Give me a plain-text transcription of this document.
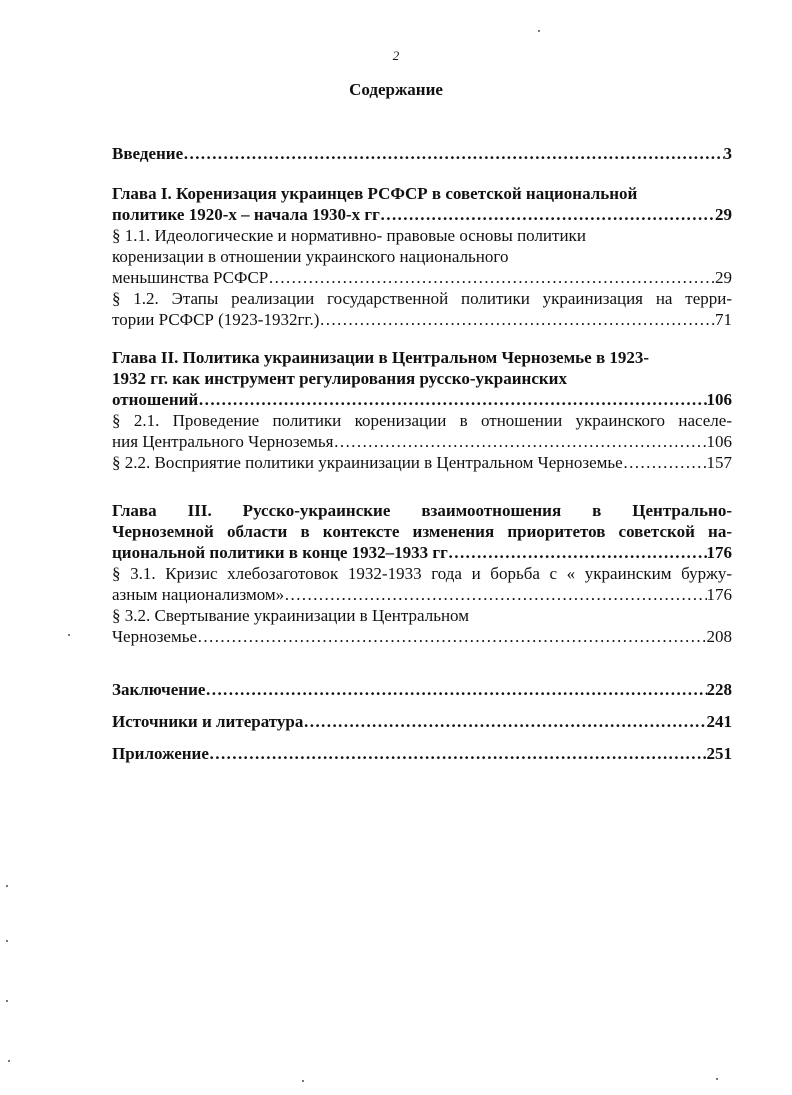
2
Содержание
Введение …………………………………………………………………………………………………………………………………………………………	3
Глава I. Коренизация украинцев РСФСР в советской национальной
политике 1920-х – начала 1930-х гг …………………………………………………………………………………………………………………………………………………………	29
§ 1.1. Идеологические и нормативно- правовые основы политики
коренизации в отношении украинского национального
меньшинства РСФСР …………………………………………………………………………………………………………………………………………………………	29
§ 1.2. Этапы реализации государственной политики украинизация на терри-
тории РСФСР (1923-1932гг.) …………………………………………………………………………………………………………………………………………………………	71
Глава II. Политика украинизации в Центральном Черноземье в 1923-
1932 гг. как инструмент регулирования русско-украинских
отношений …………………………………………………………………………………………………………………………………………………………	106
§ 2.1. Проведение политики коренизации в отношении украинского населе-
ния Центрального Черноземья …………………………………………………………………………………………………………………………………………………………	106
§ 2.2. Восприятие политики украинизации в Центральном Черноземье …………………………………………………………………………………………………………………………………………………………	157
Глава III. Русско-украинские взаимоотношения в Центрально-
Черноземной области в контексте изменения приоритетов советской на-
циональной политики в конце 1932–1933 гг …………………………………………………………………………………………………………………………………………………………	176
§ 3.1. Кризис хлебозаготовок 1932-1933 года и борьба с « украинским буржу-
азным национализмом» …………………………………………………………………………………………………………………………………………………………	176
§ 3.2. Свертывание украинизации в Центральном
Черноземье …………………………………………………………………………………………………………………………………………………………	208
Заключение …………………………………………………………………………………………………………………………………………………………	228
Источники и литература …………………………………………………………………………………………………………………………………………………………	241
Приложение …………………………………………………………………………………………………………………………………………………………	251
